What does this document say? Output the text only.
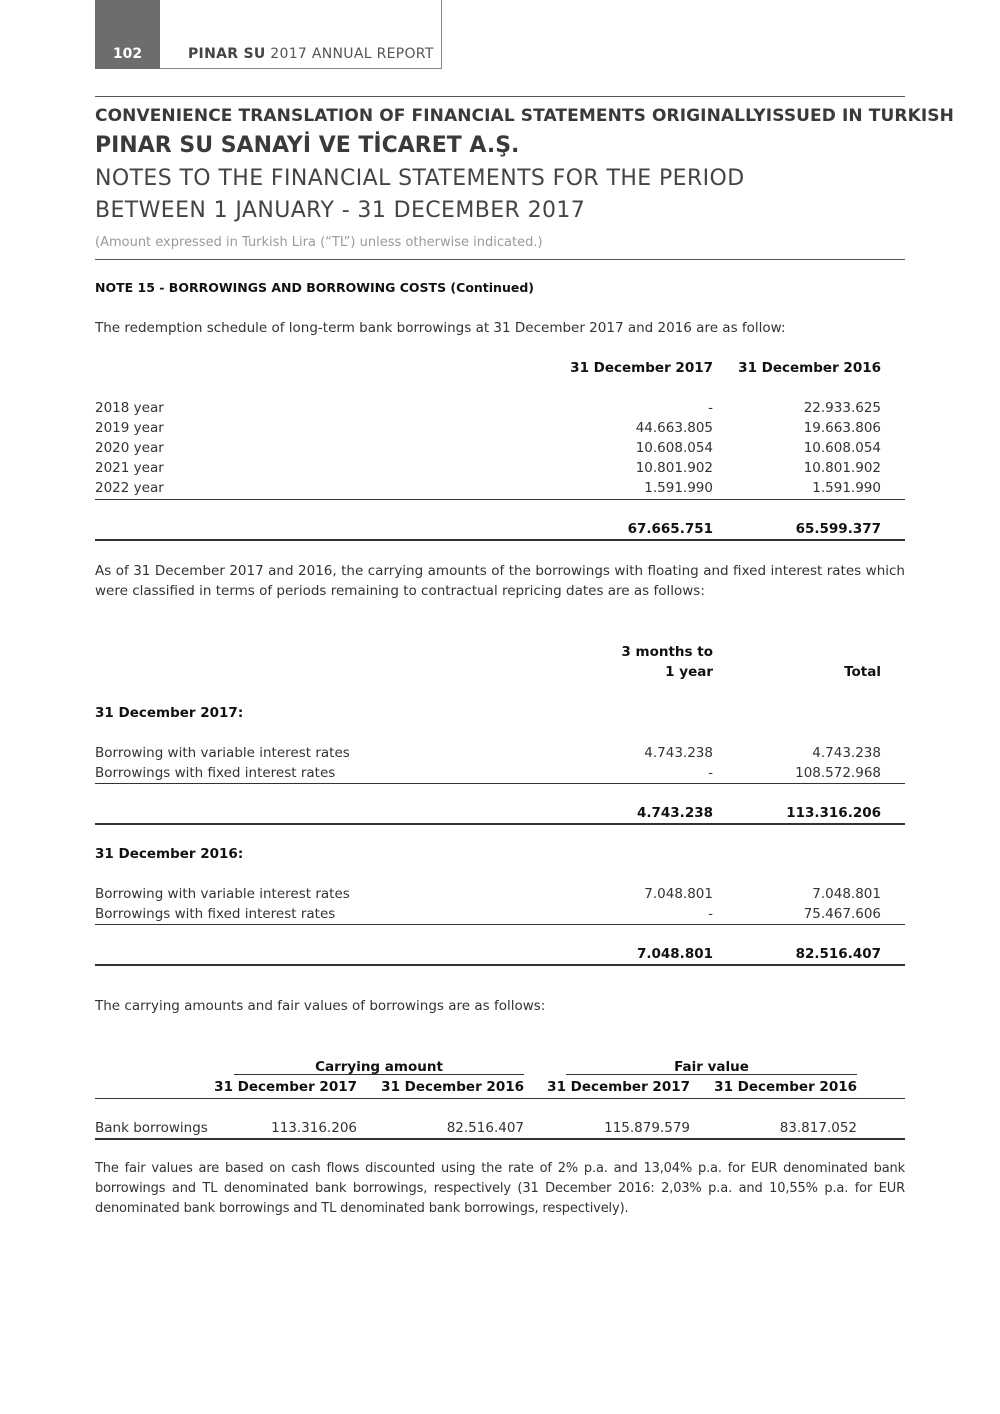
102	PINAR SU 2017 ANNUAL REPORT
CONVENIENCE TRANSLATION OF FINANCIAL STATEMENTS ORIGINALLYISSUED IN TURKISH
PINAR SU SANAYİ VE TİCARET A.Ş.
NOTES TO THE FINANCIAL STATEMENTS FOR THE PERIOD
BETWEEN 1 JANUARY - 31 DECEMBER 2017
(Amount expressed in Turkish Lira (“TL”) unless otherwise indicated.)
NOTE 15 - BORROWINGS AND BORROWING COSTS (Continued)
The redemption schedule of long-term bank borrowings at 31 December 2017 and 2016 are as follow:
31 December 2017 31 December 2016
2018 year	-	22.933.625
2019 year	44.663.805	19.663.806
2020 year	10.608.054	10.608.054
2021 year	10.801.902	10.801.902
2022 year	1.591.990	1.591.990
67.665.751	65.599.377
As of 31 December 2017 and 2016, the carrying amounts of the borrowings with floating and fixed interest rates which were classified in terms of periods remaining to contractual repricing dates are as follows:
3 months to
1 year	Total
31 December 2017:
Borrowing with variable interest rates	4.743.238	4.743.238
Borrowings with fixed interest rates	-	108.572.968
4.743.238	113.316.206
31 December 2016:
Borrowing with variable interest rates	7.048.801	7.048.801
Borrowings with fixed interest rates	-	75.467.606
7.048.801	82.516.407
The carrying amounts and fair values of borrowings are as follows:
Carrying amount	Fair value
31 December 2017 31 December 2016 31 December 2017 31 December 2016
Bank borrowings	113.316.206	82.516.407	115.879.579	83.817.052
The fair values are based on cash flows discounted using the rate of 2% p.a. and 13,04% p.a. for EUR denominated bank borrowings and TL denominated bank borrowings, respectively (31 December 2016: 2,03% p.a. and 10,55% p.a. for EUR denominated bank borrowings and TL denominated bank borrowings, respectively).
